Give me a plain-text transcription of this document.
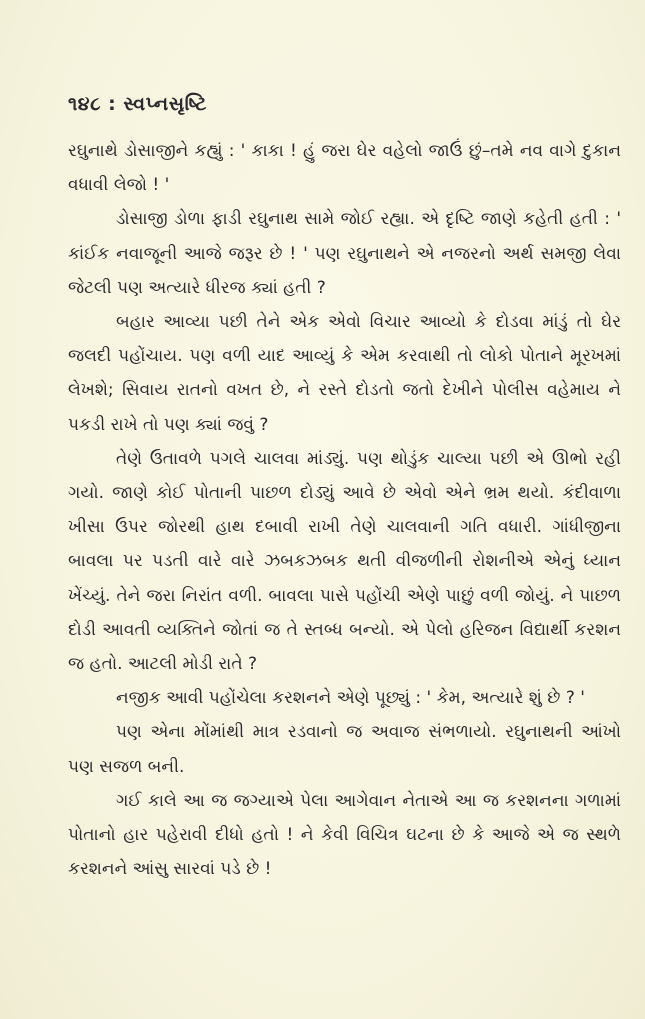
૧૪૮ : સ્વપ્નસૃષ્ટિ

રઘુનાથે ડોસાજીને કહ્યું : ' કાકા ! હું જરા ઘેર વહેલો જાઉં છું–તમે નવ વાગે દુકાન વધાવી લેજો ! '

ડોસાજી ડોળા ફાડી રઘુનાથ સામે જોઈ રહ્યા. એ દૃષ્ટિ જાણે કહેતી હતી : ' કાંઈક નવાજૂની આજે જરૂર છે ! ' પણ રઘુનાથને એ નજરનો અર્થ સમજી લેવા જેટલી પણ અત્યારે ધીરજ ક્યાં હતી ?

બહાર આવ્યા પછી તેને એક એવો વિચાર આવ્યો કે દોડવા માંડું તો ઘેર જલદી પહોંચાય. પણ વળી યાદ આવ્યું કે એમ કરવાથી તો લોકો પોતાને મૂરખમાં લેખશે; સિવાય રાતનો વખત છે, ને રસ્તે દોડતો જતો દેખીને પોલીસ વહેમાય ને પકડી રાખે તો પણ ક્યાં જવું ?

તેણે ઉતાવળે પગલે ચાલવા માંડ્યું. પણ થોડુંક ચાલ્યા પછી એ ઊભો રહી ગયો. જાણે કોઈ પોતાની પાછળ દોડ્યું આવે છે એવો એને ભ્રમ થયો. કંદીવાળા ખીસા ઉપર જોરથી હાથ દબાવી રાખી તેણે ચાલવાની ગતિ વધારી. ગાંધીજીના બાવલા પર પડતી વારે વારે ઝબકઝબક થતી વીજળીની રોશનીએ એનું ધ્યાન ખેંચ્યું. તેને જરા નિરાંત વળી. બાવલા પાસે પહોંચી એણે પાછું વળી જોયું. ને પાછળ દોડી આવતી વ્યક્તિને જોતાં જ તે સ્તબ્ધ બન્યો. એ પેલો હરિજન વિદ્યાર્થી કરશન જ હતો. આટલી મોડી રાતે ?

નજીક આવી પહોંચેલા કરશનને એણે પૂછ્યું : ' કેમ, અત્યારે શું છે ? '

પણ એના મોંમાંથી માત્ર રડવાનો જ અવાજ સંભળાયો. રઘુનાથની આંખો પણ સજળ બની.

ગઈ કાલે આ જ જગ્યાએ પેલા આગેવાન નેતાએ આ જ કરશનના ગળામાં પોતાનો હાર પહેરાવી દીધો હતો ! ને કેવી વિચિત્ર ઘટના છે કે આજે એ જ સ્થળે કરશનને આંસુ સારવાં પડે છે !
